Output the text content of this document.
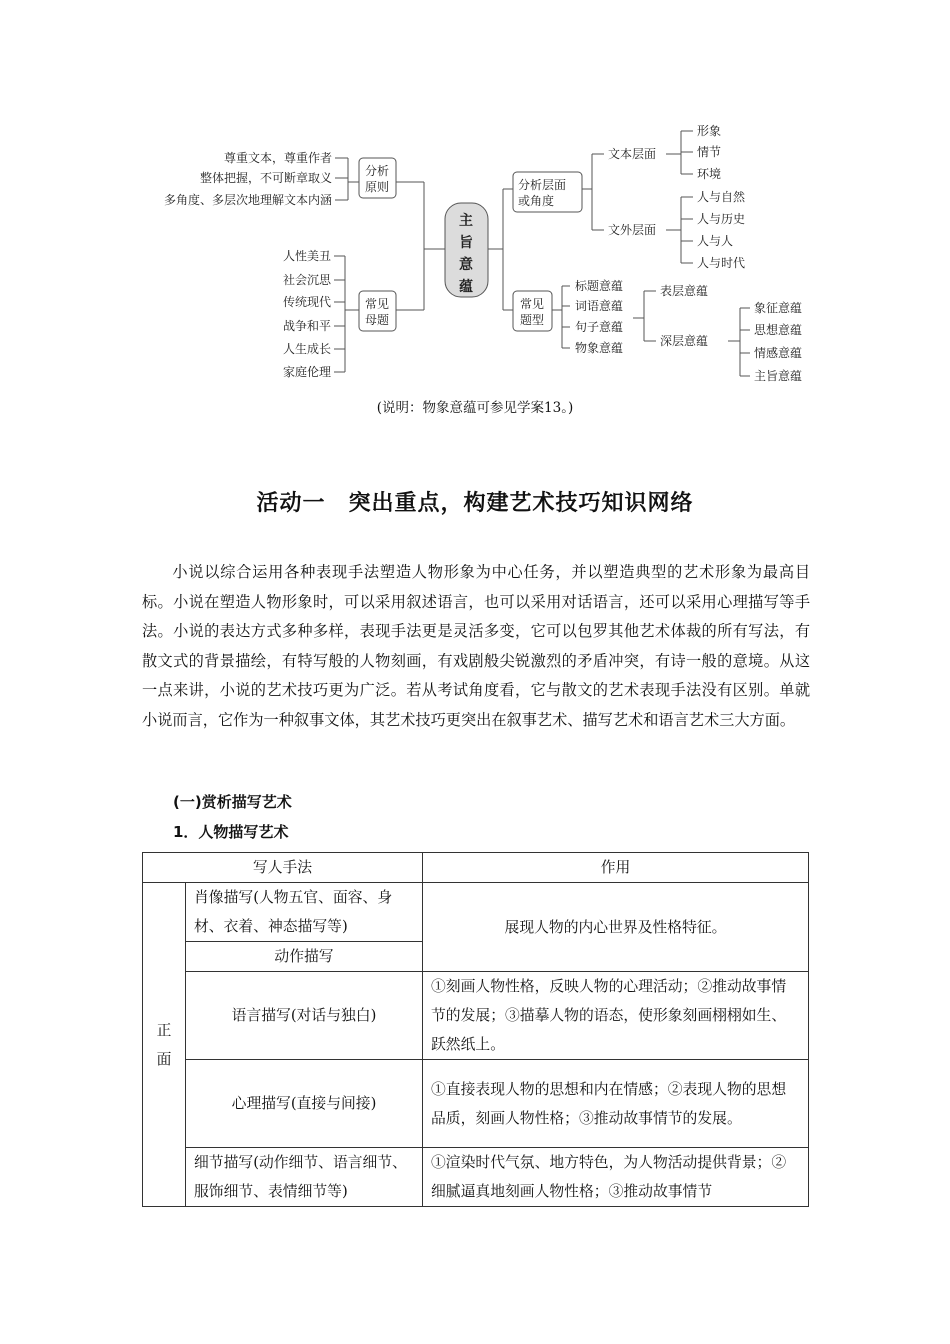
主
旨
意
蕴
分析
原则
常见
母题
分析层面
或角度
常见
题型
尊重文本，尊重作者
整体把握，不可断章取义
多角度、多层次地理解文本内涵
人性美丑
社会沉思
传统现代
战争和平
人生成长
家庭伦理
文本层面
文外层面
形象
情节
环境
人与自然
人与历史
人与人
人与时代
标题意蕴
词语意蕴
句子意蕴
物象意蕴
表层意蕴
深层意蕴
象征意蕴
思想意蕴
情感意蕴
主旨意蕴
(说明：物象意蕴可参见学案13。)
活动一　突出重点，构建艺术技巧知识网络

小说以综合运用各种表现手法塑造人物形象为中心任务，并以塑造典型的艺术形象为最高目标。小说在塑造人物形象时，可以采用叙述语言，也可以采用对话语言，还可以采用心理描写等手法。小说的表达方式多种多样，表现手法更是灵活多变，它可以包罗其他艺术体裁的所有写法，有散文式的背景描绘，有特写般的人物刻画，有戏剧般尖锐激烈的矛盾冲突，有诗一般的意境。从这一点来讲，小说的艺术技巧更为广泛。若从考试角度看，它与散文的艺术表现手法没有区别。单就小说而言，它作为一种叙事文体，其艺术技巧更突出在叙事艺术、描写艺术和语言艺术三大方面。

(一)赏析描写艺术
1．人物描写艺术
写人手法		作用
正面	肖像描写(人物五官、面容、身材、衣着、神态描写等)	展现人物的内心世界及性格特征。
	动作描写	
	语言描写(对话与独白)	①刻画人物性格，反映人物的心理活动；②推动故事情节的发展；③描摹人物的语态，使形象刻画栩栩如生、跃然纸上。
	心理描写(直接与间接)	①直接表现人物的思想和内在情感；②表现人物的思想品质，刻画人物性格；③推动故事情节的发展。
	细节描写(动作细节、语言细节、服饰细节、表情细节等)	①渲染时代气氛、地方特色，为人物活动提供背景；②细腻逼真地刻画人物性格；③推动故事情节
